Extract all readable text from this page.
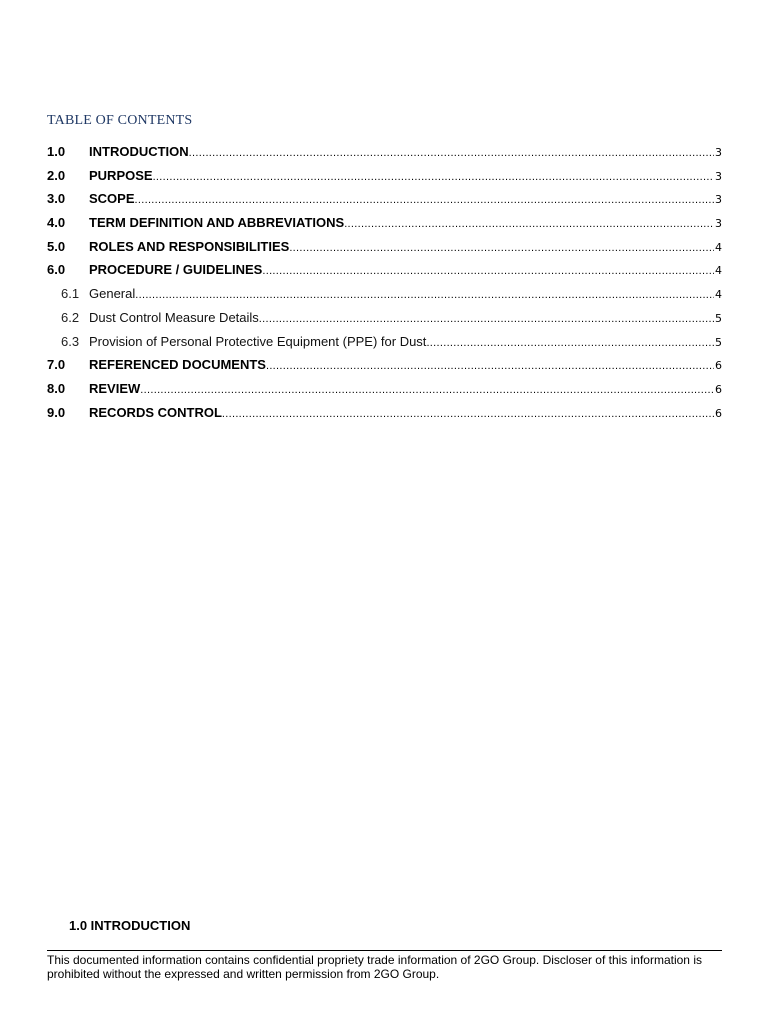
TABLE OF CONTENTS
1.0	INTRODUCTION .....	3
2.0	PURPOSE .....	3
3.0	SCOPE .....	3
4.0	TERM DEFINITION AND ABBREVIATIONS .....	3
5.0	ROLES AND RESPONSIBILITIES .....	4
6.0	PROCEDURE / GUIDELINES .....	4
6.1 General .....	4
6.2 Dust Control Measure Details .....	5
6.3 Provision of Personal Protective Equipment (PPE) for Dust .....	5
7.0	REFERENCED DOCUMENTS .....	6
8.0	REVIEW .....	6
9.0	RECORDS CONTROL .....	6
1.0 INTRODUCTION
This documented information contains confidential propriety trade information of 2GO Group. Discloser of this information is prohibited without the expressed and written permission from 2GO Group.
